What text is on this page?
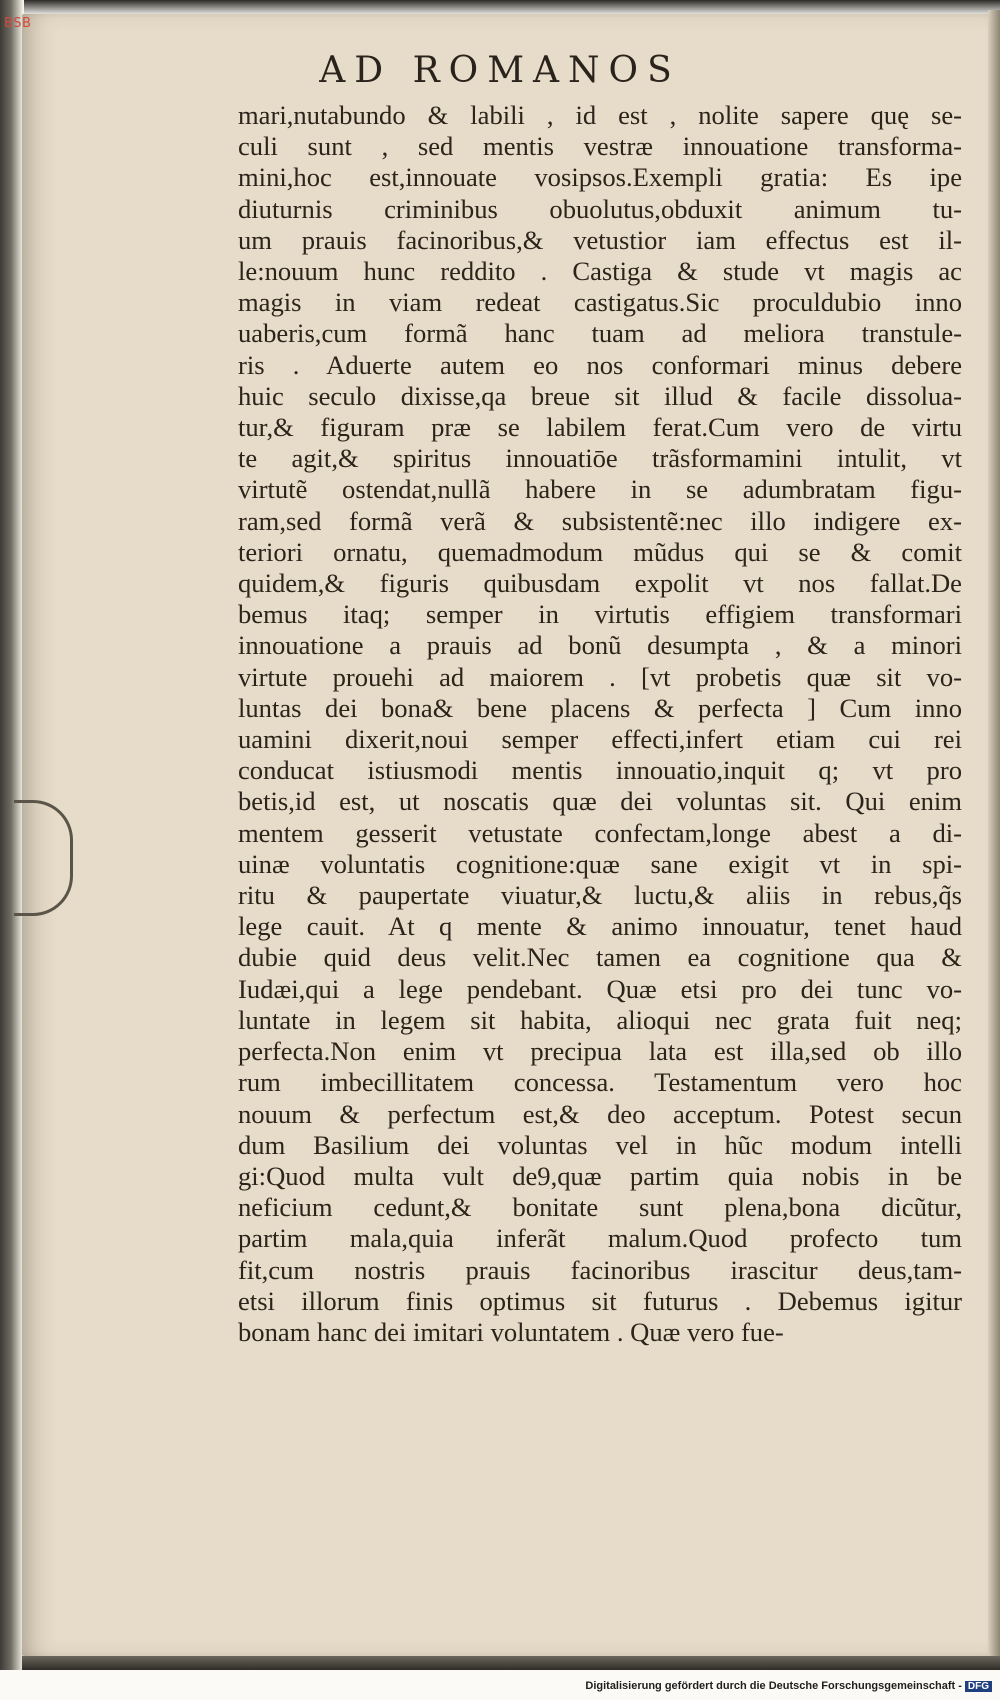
BSB
AD ROMANOS
mari,nutabundo & labili , id est , nolite sapere quę se-
culi sunt , sed mentis vestræ innouatione transforma-
mini,hoc est,innouate vosipsos.Exempli gratia: Es ipe
diuturnis criminibus obuolutus,obduxit animum tu-
um prauis facinoribus,& vetustior iam effectus est il-
le:nouum hunc reddito . Castiga & stude vt magis ac
magis in viam redeat castigatus.Sic proculdubio inno
uaberis,cum formã hanc tuam ad meliora transtule-
ris . Aduerte autem eo nos conformari minus debere
huic seculo dixisse,qa breue sit illud & facile dissolua-
tur,& figuram præ se labilem ferat.Cum vero de virtu
te agit,& spiritus innouatiōe trãsformamini intulit, vt
virtutẽ ostendat,nullã habere in se adumbratam figu-
ram,sed formã verã & subsistentẽ:nec illo indigere ex-
teriori ornatu, quemadmodum mũdus qui se & comit
quidem,& figuris quibusdam expolit vt nos fallat.De
bemus itaq; semper in virtutis effigiem transformari
innouatione a prauis ad bonũ desumpta , & a minori
virtute prouehi ad maiorem . [vt probetis quæ sit vo-
luntas dei bona& bene placens & perfecta ] Cum inno
uamini dixerit,noui semper effecti,infert etiam cui rei
conducat istiusmodi mentis innouatio,inquit q; vt pro
betis,id est, ut noscatis quæ dei voluntas sit. Qui enim
mentem gesserit vetustate confectam,longe abest a di-
uinæ voluntatis cognitione:quæ sane exigit vt in spi-
ritu & paupertate viuatur,& luctu,& aliis in rebus,q̃s
lege cauit. At q mente & animo innouatur, tenet haud
dubie quid deus velit.Nec tamen ea cognitione qua &
Iudæi,qui a lege pendebant. Quæ etsi pro dei tunc vo-
luntate in legem sit habita, alioqui nec grata fuit neq;
perfecta.Non enim vt precipua lata est illa,sed ob illo
rum imbecillitatem concessa. Testamentum vero hoc
nouum & perfectum est,& deo acceptum. Potest secun
dum Basilium dei voluntas vel in hũc modum intelli
gi:Quod multa vult de9,quæ partim quia nobis in be
neficium cedunt,& bonitate sunt plena,bona dicũtur,
partim mala,quia inferãt malum.Quod profecto tum
fit,cum nostris prauis facinoribus irascitur deus,tam-
etsi illorum finis optimus sit futurus . Debemus igitur
bonam hanc dei imitari voluntatem . Quæ vero fue-
Digitalisierung gefördert durch die Deutsche Forschungsgemeinschaft - DFG
